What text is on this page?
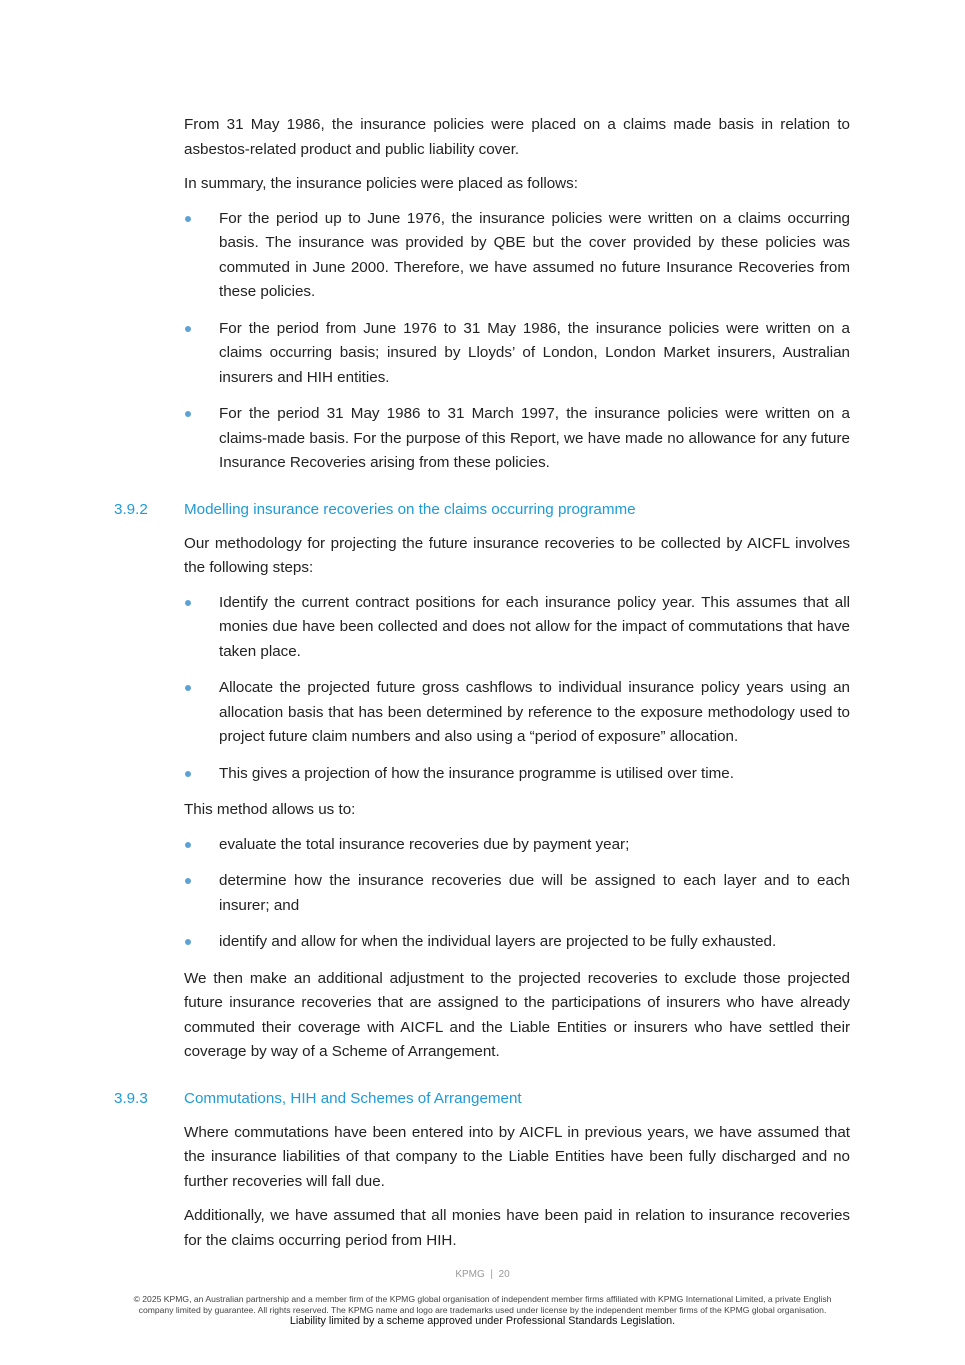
From 31 May 1986, the insurance policies were placed on a claims made basis in relation to asbestos-related product and public liability cover.

In summary, the insurance policies were placed as follows:

For the period up to June 1976, the insurance policies were written on a claims occurring basis. The insurance was provided by QBE but the cover provided by these policies was commuted in June 2000. Therefore, we have assumed no future Insurance Recoveries from these policies.
For the period from June 1976 to 31 May 1986, the insurance policies were written on a claims occurring basis; insured by Lloyds’ of London, London Market insurers, Australian insurers and HIH entities.
For the period 31 May 1986 to 31 March 1997, the insurance policies were written on a claims-made basis. For the purpose of this Report, we have made no allowance for any future Insurance Recoveries arising from these policies.
3.9.2 Modelling insurance recoveries on the claims occurring programme

Our methodology for projecting the future insurance recoveries to be collected by AICFL involves the following steps:

Identify the current contract positions for each insurance policy year. This assumes that all monies due have been collected and does not allow for the impact of commutations that have taken place.
Allocate the projected future gross cashflows to individual insurance policy years using an allocation basis that has been determined by reference to the exposure methodology used to project future claim numbers and also using a “period of exposure” allocation.
This gives a projection of how the insurance programme is utilised over time.

This method allows us to:

evaluate the total insurance recoveries due by payment year;
determine how the insurance recoveries due will be assigned to each layer and to each insurer; and
identify and allow for when the individual layers are projected to be fully exhausted.

We then make an additional adjustment to the projected recoveries to exclude those projected future insurance recoveries that are assigned to the participations of insurers who have already commuted their coverage with AICFL and the Liable Entities or insurers who have settled their coverage by way of a Scheme of Arrangement.

3.9.3 Commutations, HIH and Schemes of Arrangement

Where commutations have been entered into by AICFL in previous years, we have assumed that the insurance liabilities of that company to the Liable Entities have been fully discharged and no further recoveries will fall due.

Additionally, we have assumed that all monies have been paid in relation to insurance recoveries for the claims occurring period from HIH.

KPMG  |  20
© 2025 KPMG, an Australian partnership and a member firm of the KPMG global organisation of independent member firms affiliated with KPMG International Limited, a private English
company limited by guarantee. All rights reserved. The KPMG name and logo are trademarks used under license by the independent member firms of the KPMG global organisation.
Liability limited by a scheme approved under Professional Standards Legislation.
